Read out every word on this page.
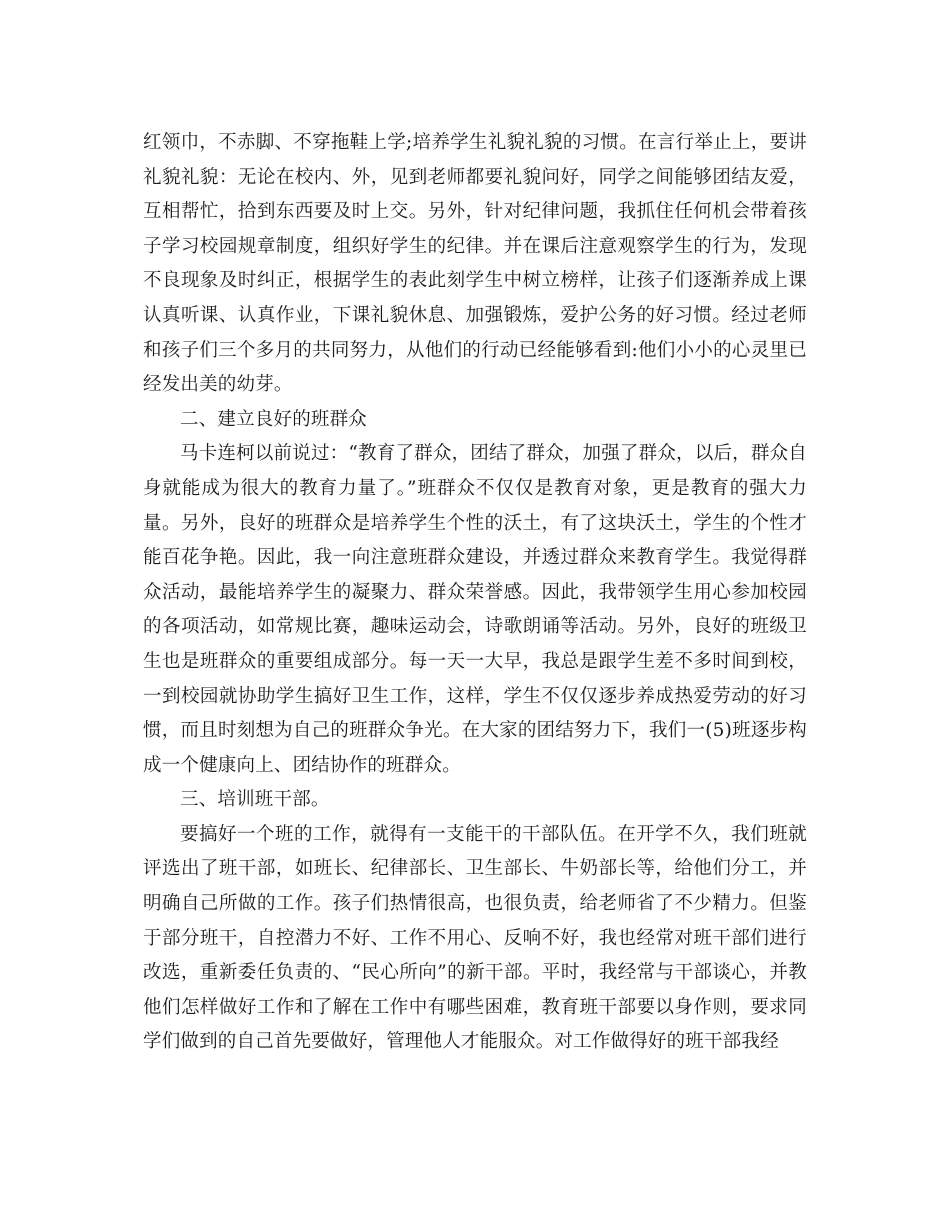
红领巾，不赤脚、不穿拖鞋上学;培养学生礼貌礼貌的习惯。在言行举止上，要讲礼貌礼貌：无论在校内、外，见到老师都要礼貌问好，同学之间能够团结友爱，互相帮忙，拾到东西要及时上交。另外，针对纪律问题，我抓住任何机会带着孩子学习校园规章制度，组织好学生的纪律。并在课后注意观察学生的行为，发现不良现象及时纠正，根据学生的表此刻学生中树立榜样，让孩子们逐渐养成上课认真听课、认真作业，下课礼貌休息、加强锻炼，爱护公务的好习惯。经过老师和孩子们三个多月的共同努力，从他们的行动已经能够看到:他们小小的心灵里已经发出美的幼芽。

二、建立良好的班群众

马卡连柯以前说过：“教育了群众，团结了群众，加强了群众，以后，群众自身就能成为很大的教育力量了。”班群众不仅仅是教育对象，更是教育的强大力量。另外，良好的班群众是培养学生个性的沃土，有了这块沃土，学生的个性才能百花争艳。因此，我一向注意班群众建设，并透过群众来教育学生。我觉得群众活动，最能培养学生的凝聚力、群众荣誉感。因此，我带领学生用心参加校园的各项活动，如常规比赛，趣味运动会，诗歌朗诵等活动。另外，良好的班级卫生也是班群众的重要组成部分。每一天一大早，我总是跟学生差不多时间到校，一到校园就协助学生搞好卫生工作，这样，学生不仅仅逐步养成热爱劳动的好习惯，而且时刻想为自己的班群众争光。在大家的团结努力下，我们一(5)班逐步构成一个健康向上、团结协作的班群众。

三、培训班干部。

要搞好一个班的工作，就得有一支能干的干部队伍。在开学不久，我们班就评选出了班干部，如班长、纪律部长、卫生部长、牛奶部长等，给他们分工，并明确自己所做的工作。孩子们热情很高，也很负责，给老师省了不少精力。但鉴于部分班干，自控潜力不好、工作不用心、反响不好，我也经常对班干部们进行改选，重新委任负责的、“民心所向”的新干部。平时，我经常与干部谈心，并教他们怎样做好工作和了解在工作中有哪些困难，教育班干部要以身作则，要求同学们做到的自己首先要做好，管理他人才能服众。对工作做得好的班干部我经
